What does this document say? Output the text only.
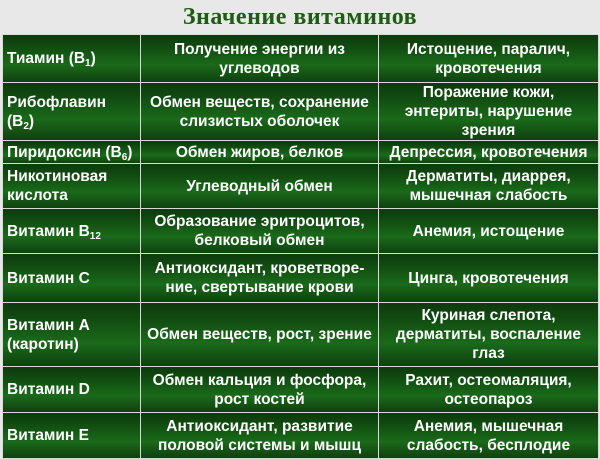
Значение витаминов
Тиамин $(В_1)$	Получение энергии из углеводов	Истощение, паралич, кровотечения
Рибофлавин $(В_2)$	Обмен веществ, сохранение слизистых оболочек	Поражение кожи, энтериты, нарушение зрения
Пиридоксин $(В_6)$	Обмен жиров, белков	Депрессия, кровотечения
Никотиновая кислота	Углеводный обмен	Дерматиты, диаррея, мышечная слабость
Витамин $В_{12}$	Образование эритроцитов, белковый обмен	Анемия, истощение
Витамин С	Антиоксидант, кроветворе-ние, свертывание крови	Цинга, кровотечения
Витамин А (каротин)	Обмен веществ, рост, зрение	Куриная слепота, дерматиты, воспаление глаз
Витамин D	Обмен кальция и фосфора, рост костей	Рахит, остеомаляция, остеопароз
Витамин Е	Антиоксидант, развитие половой системы и мышц	Анемия, мышечная слабость, бесплодие
